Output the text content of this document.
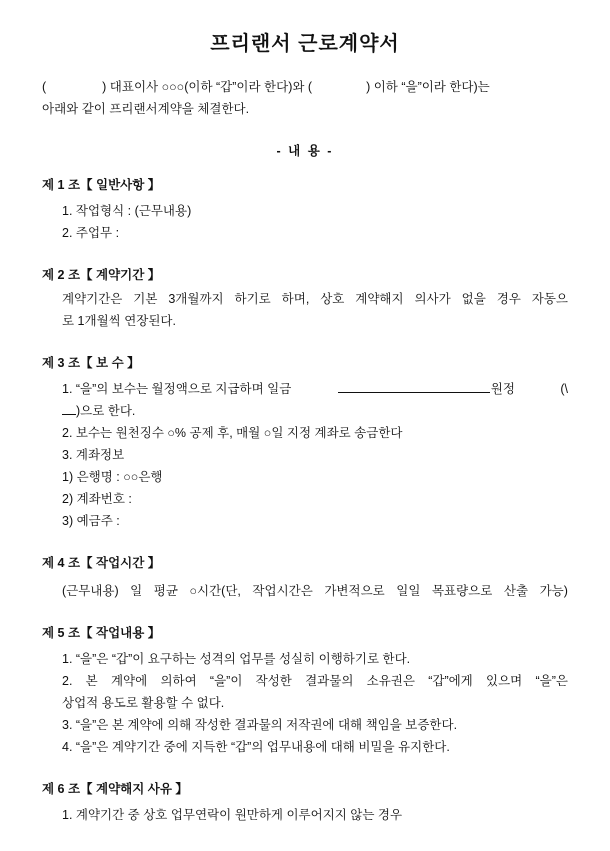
프리랜서 근로계약서
(	) 대표이사 ○○○(이하 “갑”이라 한다)와 (	) 이하 “을”이라 한다)는
아래와 같이 프리랜서계약을 체결한다.
- 내 용 -
제 1 조【 일반사항 】
1. 작업형식 : (근무내용)
2. 주업무 :
제 2 조【 계약기간 】
계약기간은 기본 3개월까지 하기로 하며, 상호 계약해지 의사가 없을 경우 자동으
로 1개월씩 연장된다.
제 3 조【 보 수 】
1. “을”의 보수는 월정액으로 지급하며 일금	원정	(\
)으로 한다.
2. 보수는 원천징수 ○% 공제 후, 매월 ○일 지정 계좌로 송금한다
3. 계좌정보
1) 은행명 : ○○은행
2) 계좌번호 :
3) 예금주 :
제 4 조【 작업시간 】
(근무내용) 일 평균 ○시간(단, 작업시간은 가변적으로 일일 목표량으로 산출 가능)
제 5 조【 작업내용 】
1. “을”은 “갑”이 요구하는 성격의 업무를 성실히 이행하기로 한다.
2. 본 계약에 의하여 “을”이 작성한 결과물의 소유권은 “갑”에게 있으며 “을”은
상업적 용도로 활용할 수 없다.
3. “을”은 본 계약에 의해 작성한 결과물의 저작권에 대해 책임을 보증한다.
4. “을”은 계약기간 중에 지득한 “갑”의 업무내용에 대해 비밀을 유지한다.
제 6 조【 계약해지 사유 】
1. 계약기간 중 상호 업무연락이 원만하게 이루어지지 않는 경우
